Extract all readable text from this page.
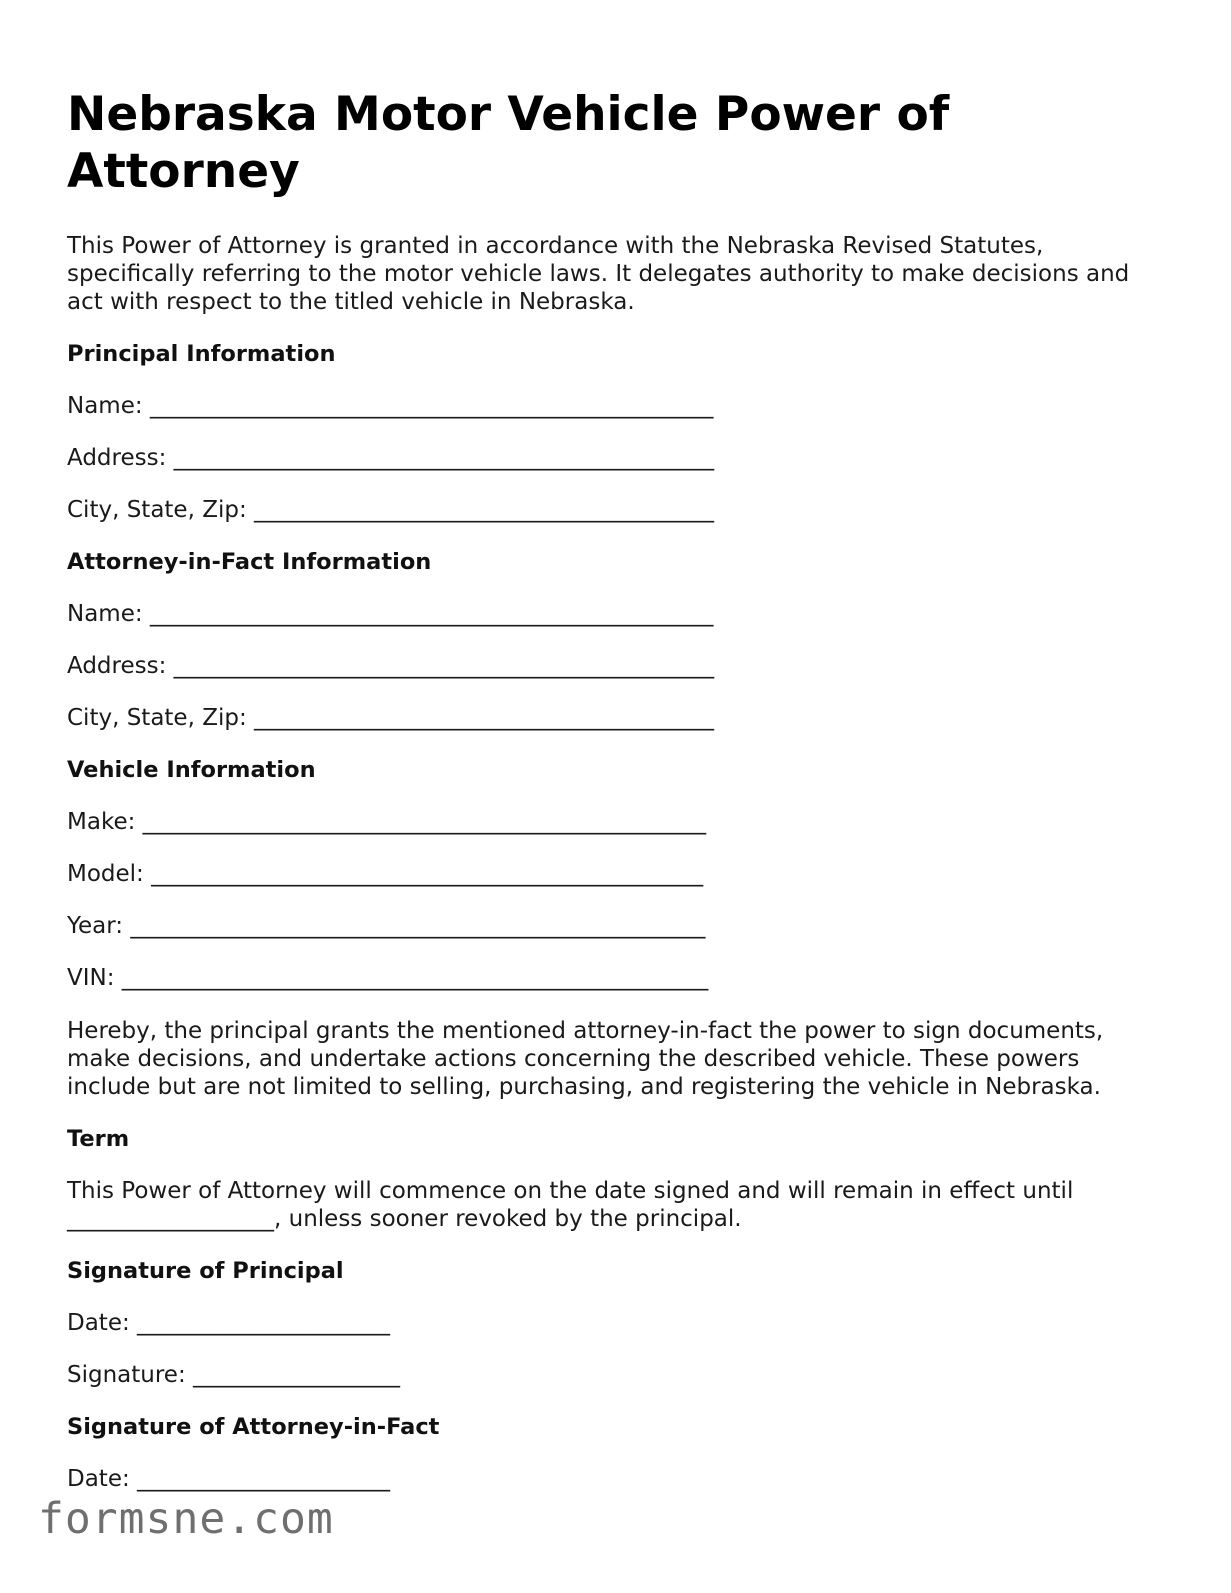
Nebraska Motor Vehicle Power of Attorney

This Power of Attorney is granted in accordance with the Nebraska Revised Statutes, specifically referring to the motor vehicle laws. It delegates authority to make decisions and act with respect to the titled vehicle in Nebraska.

Principal Information

Name: _________________________________________________

Address: _______________________________________________

City, State, Zip: ________________________________________

Attorney-in-Fact Information

Name: _________________________________________________

Address: _______________________________________________

City, State, Zip: ________________________________________

Vehicle Information

Make: _________________________________________________

Model: ________________________________________________

Year: __________________________________________________

VIN: ___________________________________________________

Hereby, the principal grants the mentioned attorney-in-fact the power to sign documents, make decisions, and undertake actions concerning the described vehicle. These powers include but are not limited to selling, purchasing, and registering the vehicle in Nebraska.

Term

This Power of Attorney will commence on the date signed and will remain in effect until __________________, unless sooner revoked by the principal.

Signature of Principal

Date: ______________________

Signature: __________________

Signature of Attorney-in-Fact

Date: ______________________

formsne.com
